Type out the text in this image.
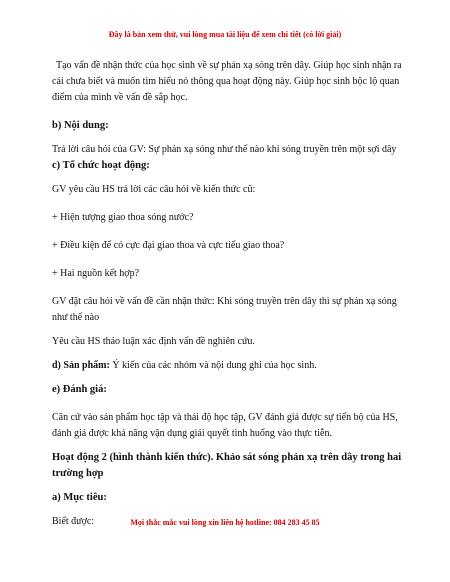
Đây là bản xem thử, vui lòng mua tài liệu để xem chi tiết (có lời giải)

Tạo vấn đề nhận thức của học sinh về sự phản xạ sóng trên dây. Giúp học sinh nhận ra cái chưa biết và muốn tìm hiểu nó thông qua hoạt động này. Giúp học sinh bộc lộ quan điểm của mình về vấn đề sắp học.

b) Nội dung:

Trả lời câu hỏi của GV: Sự phản xạ sóng như thế nào khi sóng truyền trên một sợi dây

c) Tổ chức hoạt động:

GV yêu cầu HS trả lời các câu hỏi về kiến thức cũ:

+ Hiện tượng giao thoa sóng nước?

+ Điều kiện để có cực đại giao thoa và cực tiểu giao thoa?

+ Hai nguồn kết hợp?

GV đặt câu hỏi về vấn đề cần nhận thức: Khi sóng truyền trên dây thì sự phản xạ sóng như thế nào

Yêu cầu HS thảo luận xác định vấn đề nghiên cứu.

d) Sản phẩm: Ý kiến của các nhóm và nội dung ghi của học sinh.

e) Đánh giá:

Căn cứ vào sản phẩm học tập và thái độ học tập, GV đánh giá được sự tiến bộ của HS, đánh giá được khả năng vận dụng giải quyết tình huống vào thực tiễn.

Hoạt động 2 (hình thành kiến thức). Khảo sát sóng phản xạ trên dây trong hai trường hợp

a) Mục tiêu:

Biết được:	Mọi thắc mắc vui lòng xin liên hệ hotline: 084 283 45 85
